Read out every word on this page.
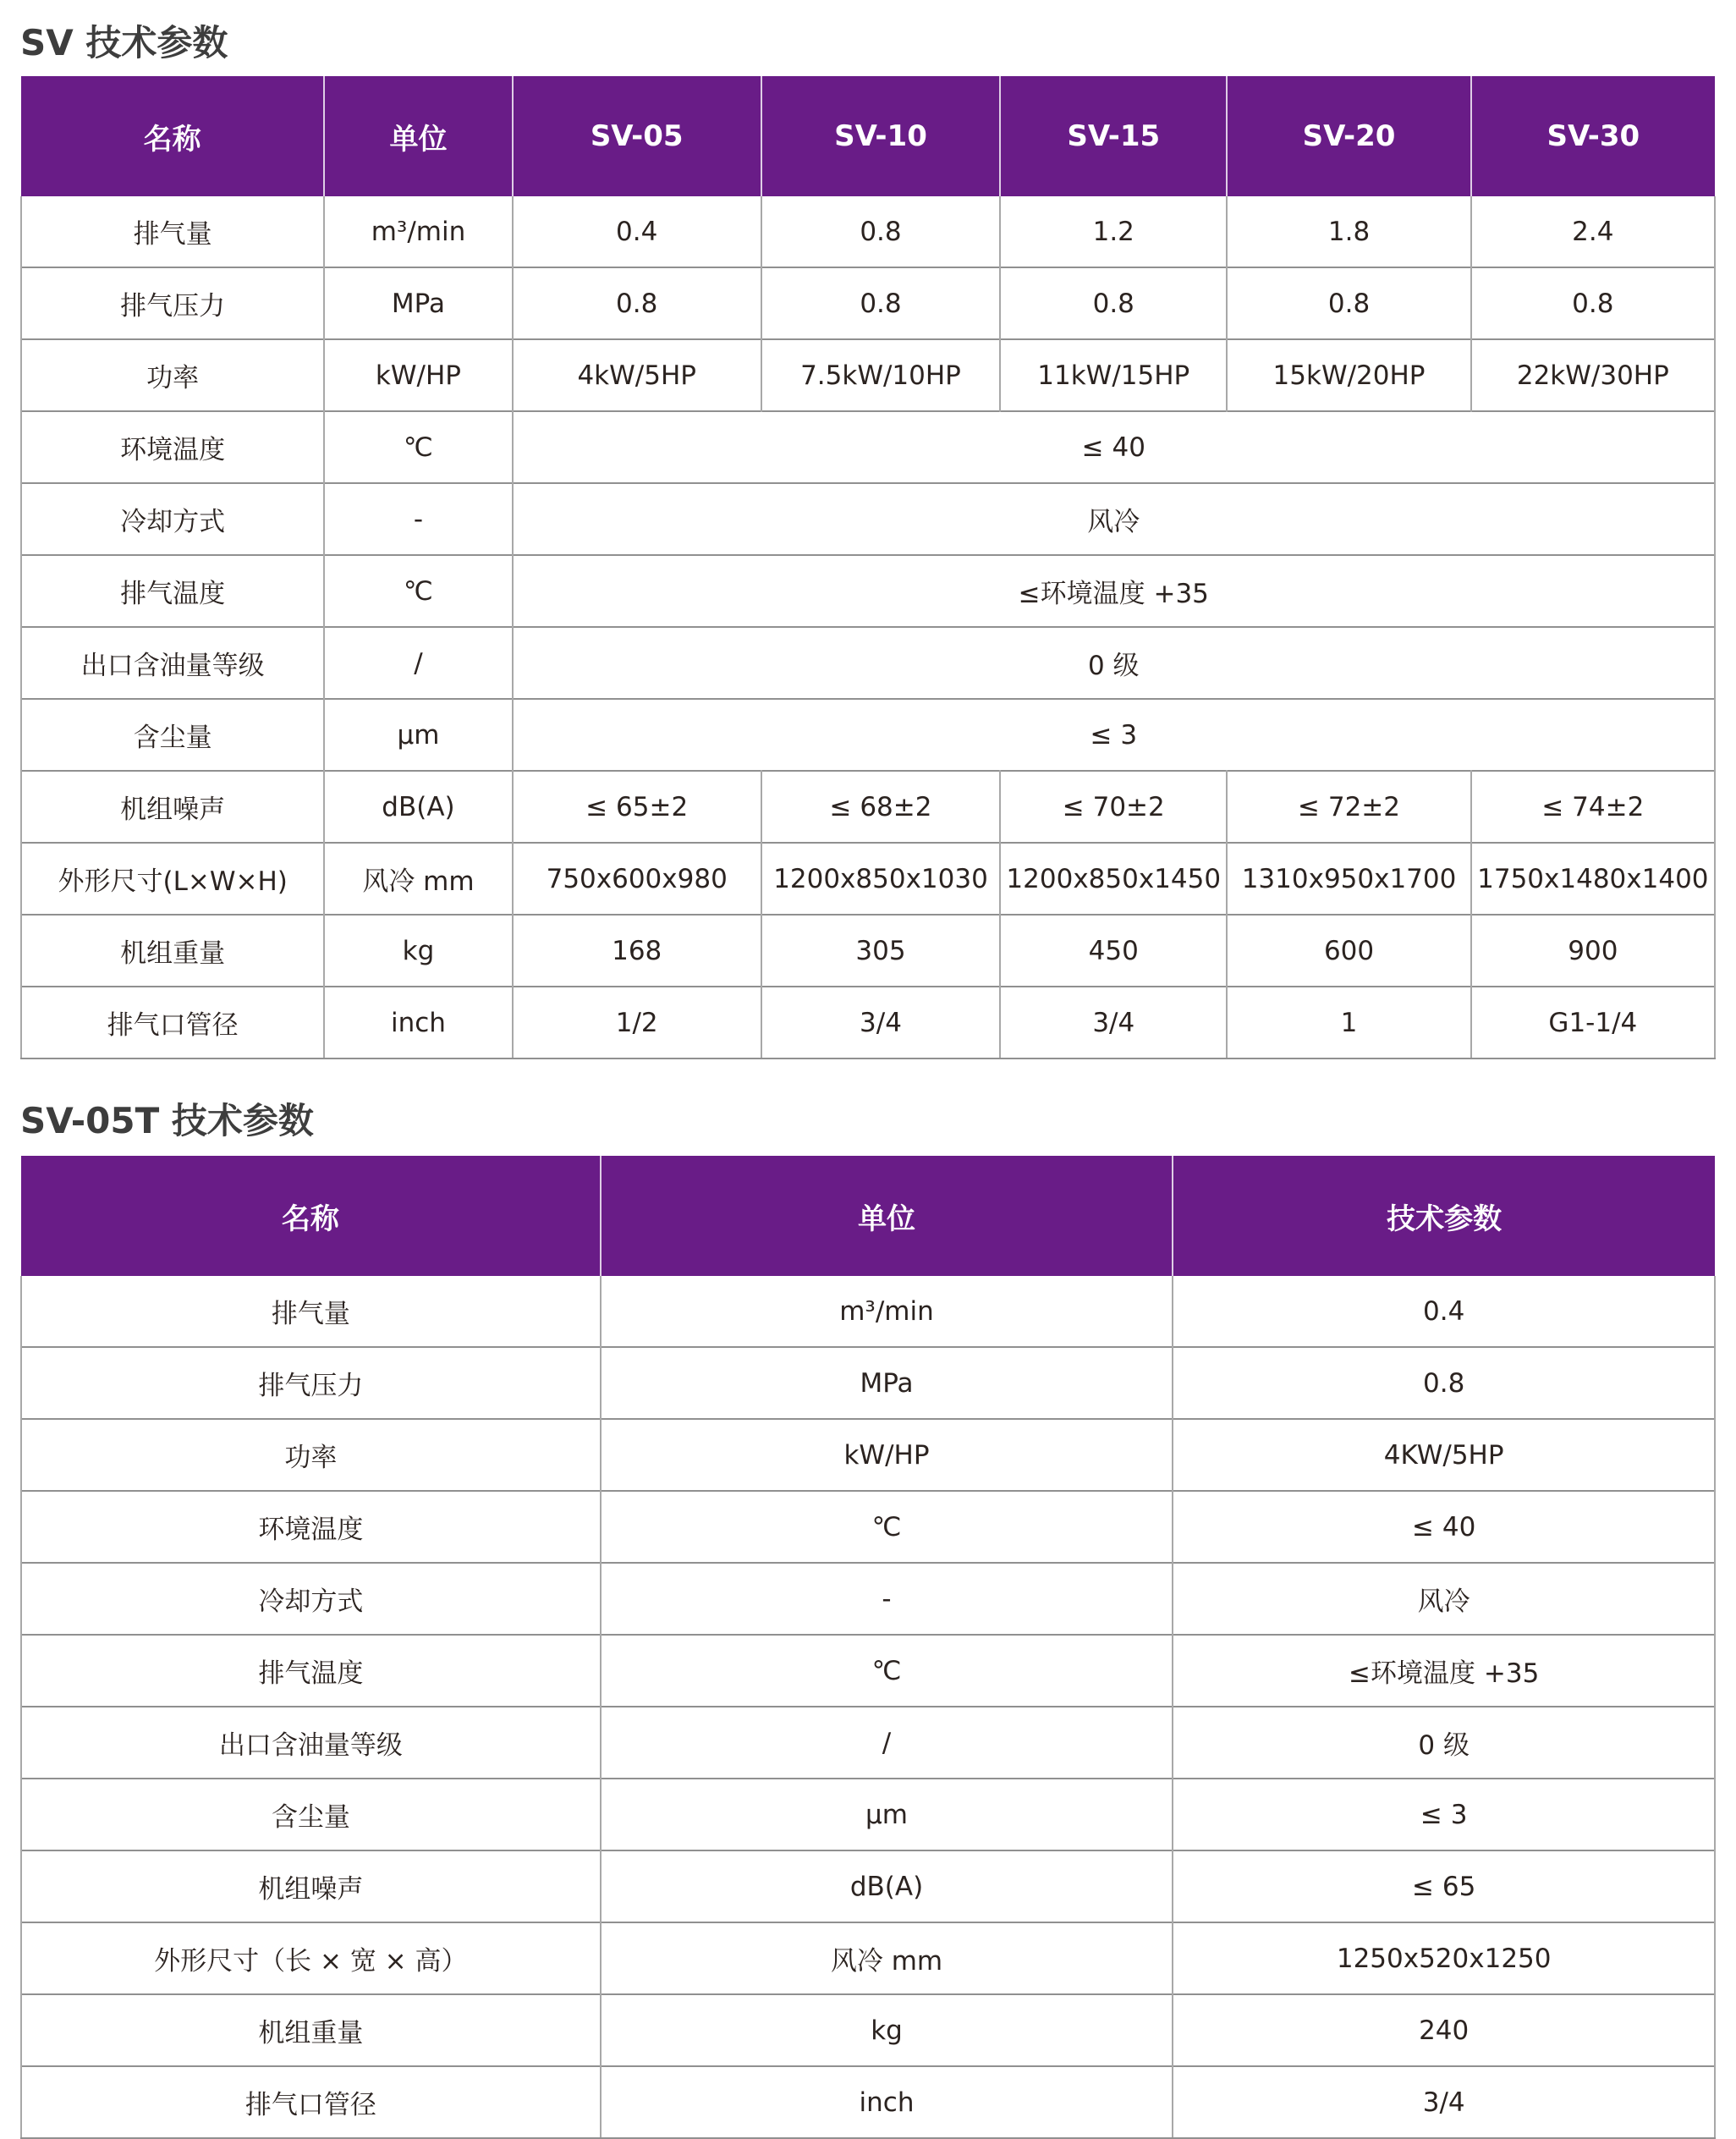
SV 技术参数
名称	单位	SV-05	SV-10	SV-15	SV-20	SV-30
排气量	m³/min	0.4	0.8	1.2	1.8	2.4
排气压力	MPa	0.8	0.8	0.8	0.8	0.8
功率	kW/HP	4kW/5HP	7.5kW/10HP	11kW/15HP	15kW/20HP	22kW/30HP
环境温度	℃	≤ 40				
冷却方式	-	风冷				
排气温度	℃	≤环境温度 +35				
出口含油量等级	/	0 级				
含尘量	μm	≤ 3				
机组噪声	dB(A)	≤ 65±2	≤ 68±2	≤ 70±2	≤ 72±2	≤ 74±2
外形尺寸(L×W×H)	风冷 mm	750x600x980	1200x850x1030	1200x850x1450	1310x950x1700	1750x1480x1400
机组重量	kg	168	305	450	600	900
排气口管径	inch	1/2	3/4	3/4	1	G1-1/4
SV-05T 技术参数
名称	单位	技术参数
排气量	m³/min	0.4
排气压力	MPa	0.8
功率	kW/HP	4KW/5HP
环境温度	℃	≤ 40
冷却方式	-	风冷
排气温度	℃	≤环境温度 +35
出口含油量等级	/	0 级
含尘量	μm	≤ 3
机组噪声	dB(A)	≤ 65
外形尺寸（长 × 宽 × 高）	风冷 mm	1250x520x1250
机组重量	kg	240
排气口管径	inch	3/4
